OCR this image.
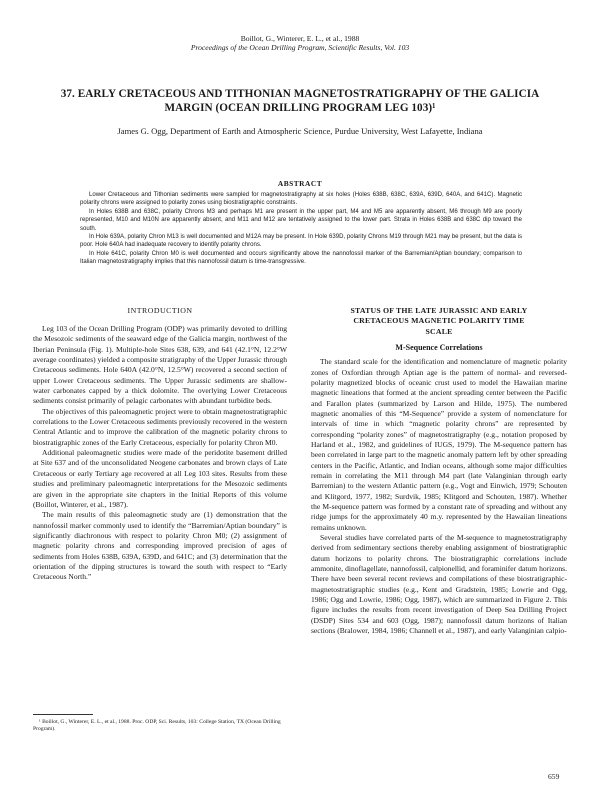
Boillot, G., Winterer, E. L., et al., 1988
Proceedings of the Ocean Drilling Program, Scientific Results, Vol. 103
37. EARLY CRETACEOUS AND TITHONIAN MAGNETOSTRATIGRAPHY OF THE GALICIA
MARGIN (OCEAN DRILLING PROGRAM LEG 103)¹
James G. Ogg, Department of Earth and Atmospheric Science, Purdue University, West Lafayette, Indiana
ABSTRACT

Lower Cretaceous and Tithonian sediments were sampled for magnetostratigraphy at six holes (Holes 638B, 638C, 639A, 639D, 640A, and 641C). Magnetic polarity chrons were assigned to polarity zones using biostratigraphic constraints.

In Holes 638B and 638C, polarity Chrons M3 and perhaps M1 are present in the upper part, M4 and M5 are apparently absent, M6 through M9 are poorly represented, M10 and M10N are apparently absent, and M11 and M12 are tentatively assigned to the lower part. Strata in Holes 638B and 638C dip toward the south.

In Hole 639A, polarity Chron M13 is well documented and M12A may be present. In Hole 639D, polarity Chrons M19 through M21 may be present, but the data is poor. Hole 640A had inadequate recovery to identify polarity chrons.

In Hole 641C, polarity Chron M0 is well documented and occurs significantly above the nannofossil marker of the Barremian/Aptian boundary; comparison to Italian magnetostratigraphy implies that this nannofossil datum is time-transgressive.

INTRODUCTION

Leg 103 of the Ocean Drilling Program (ODP) was primarily devoted to drilling the Mesozoic sediments of the seaward edge of the Galicia margin, northwest of the Iberian Peninsula (Fig. 1). Multiple-hole Sites 638, 639, and 641 (42.1°N, 12.2°W average coordinates) yielded a composite stratigraphy of the Upper Jurassic through Cretaceous sediments. Hole 640A (42.0°N, 12.5°W) recovered a second section of upper Lower Cretaceous sediments. The Upper Jurassic sediments are shallow-water carbonates capped by a thick dolomite. The overlying Lower Cretaceous sediments consist primarily of pelagic carbonates with abundant turbidite beds.

The objectives of this paleomagnetic project were to obtain magnetostratigraphic correlations to the Lower Cretaceous sediments previously recovered in the western Central Atlantic and to improve the calibration of the magnetic polarity chrons to biostratigraphic zones of the Early Cretaceous, especially for polarity Chron M0.

Additional paleomagnetic studies were made of the peridotite basement drilled at Site 637 and of the unconsolidated Neogene carbonates and brown clays of Late Cretaceous or early Tertiary age recovered at all Leg 103 sites. Results from these studies and preliminary paleomagnetic interpretations for the Mesozoic sediments are given in the appropriate site chapters in the Initial Reports of this volume (Boillot, Winterer, et al., 1987).

The main results of this paleomagnetic study are (1) demonstration that the nannofossil marker commonly used to identify the “Barremian/Aptian boundary” is significantly diachronous with respect to polarity Chron M0; (2) assignment of magnetic polarity chrons and corresponding improved precision of ages of sediments from Holes 638B, 639A, 639D, and 641C; and (3) determination that the orientation of the dipping structures is toward the south with respect to “Early Cretaceous North.”

¹ Boillot, G., Winterer, E. L., et al., 1988. Proc. ODP, Sci. Results, 103: College Station, TX (Ocean Drilling Program).

STATUS OF THE LATE JURASSIC AND EARLY
CRETACEOUS MAGNETIC POLARITY TIME
SCALE
M-Sequence Correlations

The standard scale for the identification and nomenclature of magnetic polarity zones of Oxfordian through Aptian age is the pattern of normal- and reversed-polarity magnetized blocks of oceanic crust used to model the Hawaiian marine magnetic lineations that formed at the ancient spreading center between the Pacific and Farallon plates (summarized by Larson and Hilde, 1975). The numbered magnetic anomalies of this “M-Sequence” provide a system of nomenclature for intervals of time in which “magnetic polarity chrons” are represented by corresponding “polarity zones” of magnetostratigraphy (e.g., notation proposed by Harland et al., 1982, and guidelines of IUGS, 1979). The M-sequence pattern has been correlated in large part to the magnetic anomaly pattern left by other spreading centers in the Pacific, Atlantic, and Indian oceans, although some major difficulties remain in correlating the M11 through M4 part (late Valanginian through early Barremian) to the western Atlantic pattern (e.g., Vogt and Einwich, 1979; Schouten and Klitgord, 1977, 1982; Surdvik, 1985; Klitgord and Schouten, 1987). Whether the M-sequence pattern was formed by a constant rate of spreading and without any ridge jumps for the approximately 40 m.y. represented by the Hawaiian lineations remains unknown.

Several studies have correlated parts of the M-sequence to magnetostratigraphy derived from sedimentary sections thereby enabling assignment of biostratigraphic datum horizons to polarity chrons. The biostratigraphic correlations include ammonite, dinoflagellate, nannofossil, calpionellid, and foraminifer datum horizons. There have been several recent reviews and compilations of these biostratigraphic-magnetostratigraphic studies (e.g., Kent and Gradstein, 1985; Lowrie and Ogg, 1986; Ogg and Lowrie, 1986; Ogg, 1987), which are summarized in Figure 2. This figure includes the results from recent investigation of Deep Sea Drilling Project (DSDP) Sites 534 and 603 (Ogg, 1987); nannofossil datum horizons of Italian sections (Bralower, 1984, 1986; Channell et al., 1987), and early Valanginian calpio-

659
